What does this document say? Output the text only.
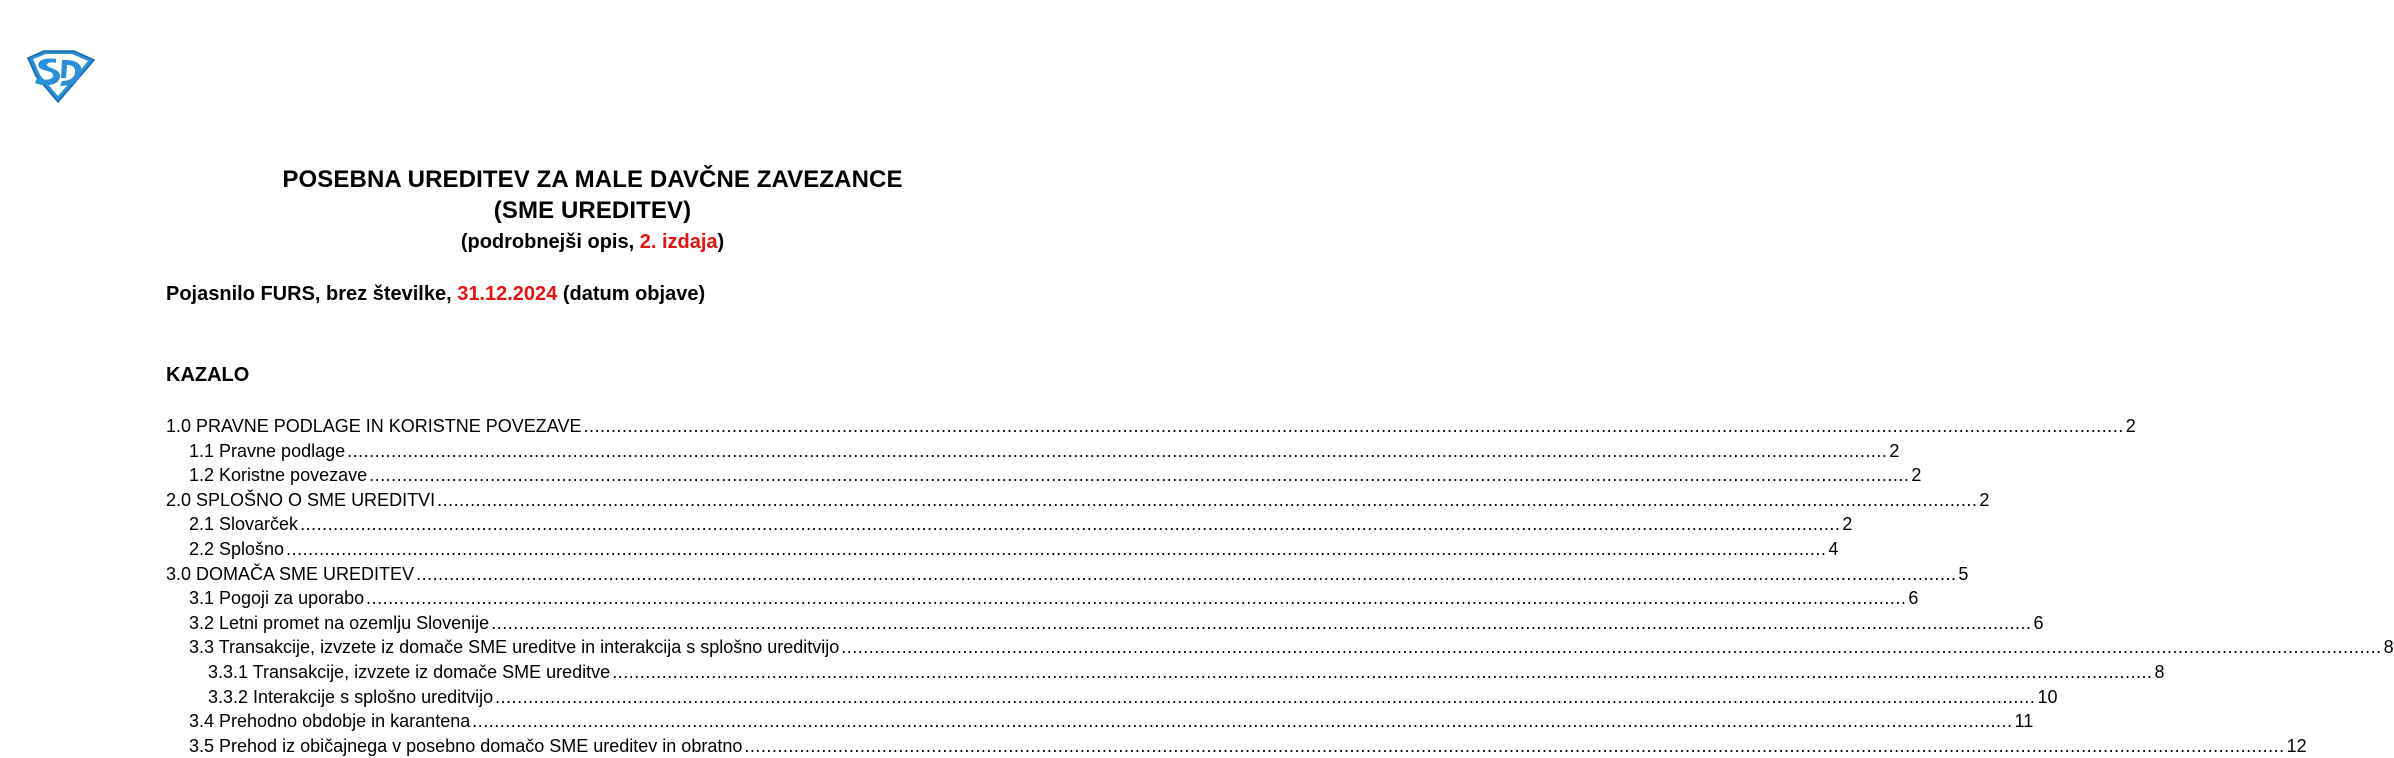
POSEBNA UREDITEV ZA MALE DAVČNE ZAVEZANCE
(SME UREDITEV)
(podrobnejši opis, 2. izdaja)
Pojasnilo FURS, brez številke, 31.12.2024 (datum objave)
KAZALO
1.0 PRAVNE PODLAGE IN KORISTNE POVEZAVE .....	2
1.1 Pravne podlage .....	2
1.2 Koristne povezave .....	2
2.0 SPLOŠNO O SME UREDITVI .....	2
2.1 Slovarček .....	2
2.2 Splošno .....	4
3.0 DOMAČA SME UREDITEV .....	5
3.1 Pogoji za uporabo .....	6
3.2 Letni promet na ozemlju Slovenije .....	6
3.3 Transakcije, izvzete iz domače SME ureditve in interakcija s splošno ureditvijo .....	8
3.3.1 Transakcije, izvzete iz domače SME ureditve .....	8
3.3.2 Interakcije s splošno ureditvijo .....	10
3.4 Prehodno obdobje in karantena .....	11
3.5 Prehod iz običajnega v posebno domačo SME ureditev in obratno .....	12
